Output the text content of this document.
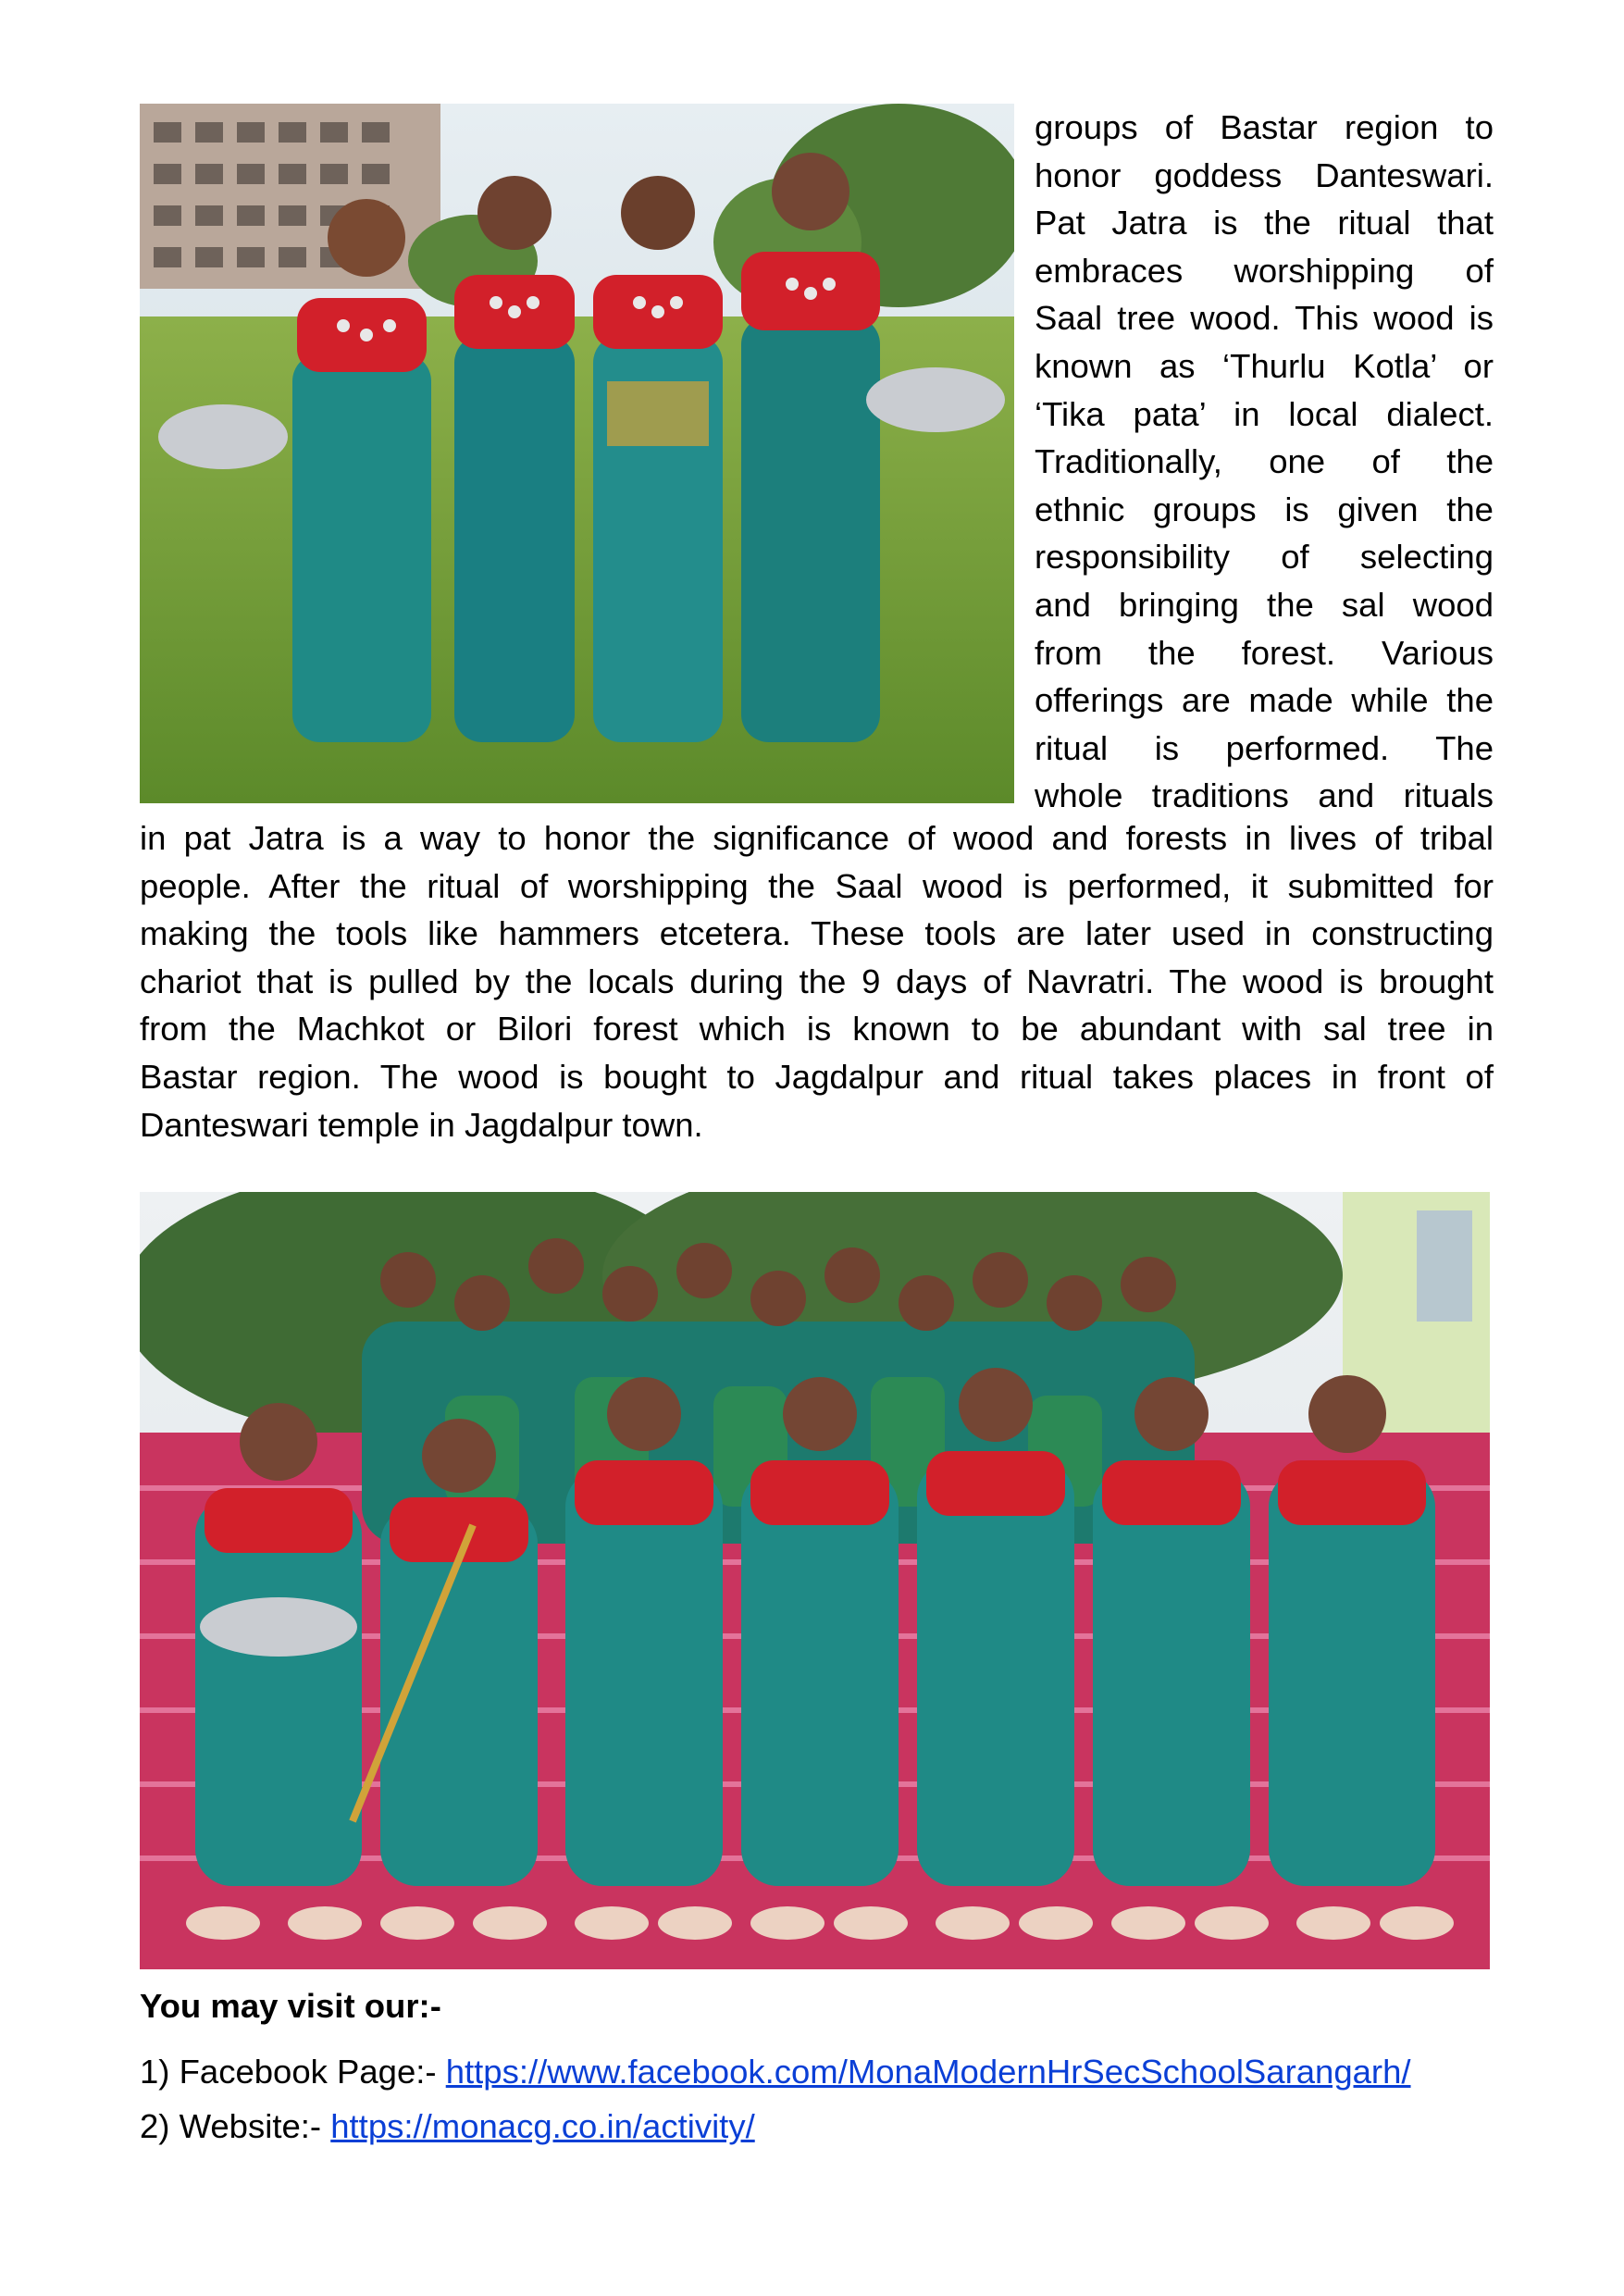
groups of Bastar region to
honor goddess Danteswari.
Pat Jatra is the ritual that
embraces worshipping of
Saal tree wood. This wood is
known as ‘Thurlu Kotla’ or
‘Tika pata’ in local dialect.
Traditionally, one of the
ethnic groups is given the
responsibility of selecting
and bringing the sal wood
from the forest. Various
offerings are made while the
ritual is performed. The
whole traditions and rituals
in pat Jatra is a way to honor the significance of wood and forests in lives of tribal
people. After the ritual of worshipping the Saal wood is performed, it submitted for
making the tools like hammers etcetera. These tools are later used in constructing
chariot that is pulled by the locals during the 9 days of Navratri. The wood is brought
from the Machkot or Bilori forest which is known to be abundant with sal tree in
Bastar region. The wood is bought to Jagdalpur and ritual takes places in front of
Danteswari temple in Jagdalpur town.
You may visit our:-
1) Facebook Page:- https://www.facebook.com/MonaModernHrSecSchoolSarangarh/
2) Website:- https://monacg.co.in/activity/
